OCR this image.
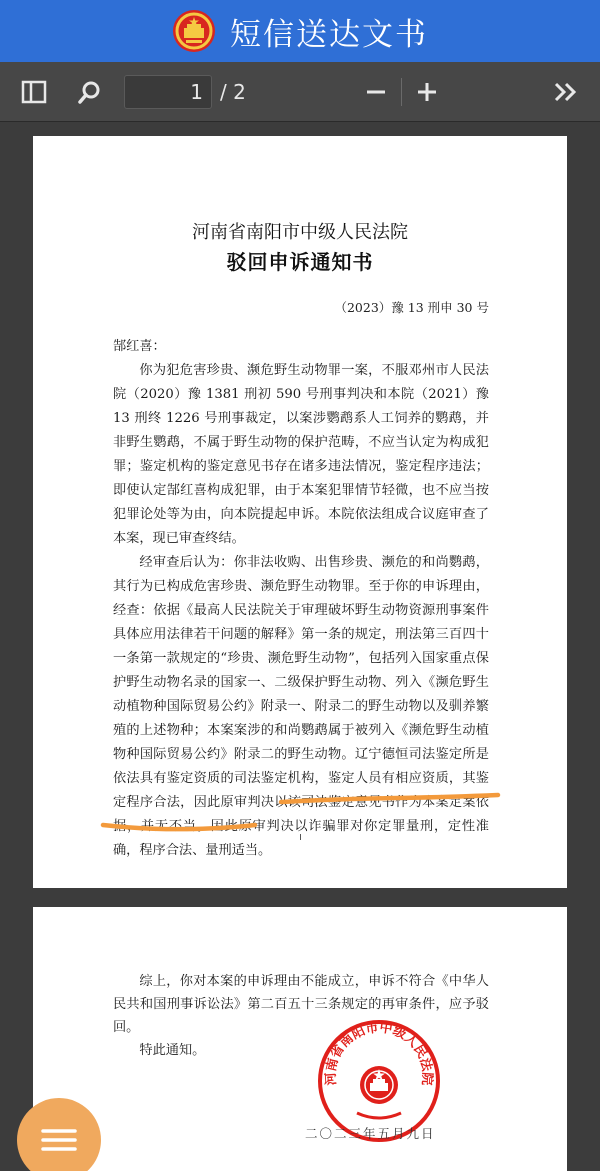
短信送达文书
1 / 2
河南省南阳市中级人民法院
驳回申诉通知书
（2023）豫 13 刑申 30 号

郜红喜：

你为犯危害珍贵、濒危野生动物罪一案，不服邓州市人民法院（2020）豫 1381 刑初 590 号刑事判决和本院（2021）豫 13 刑终 1226 号刑事裁定，以案涉鹦鹉系人工饲养的鹦鹉，并非野生鹦鹉，不属于野生动物的保护范畴，不应当认定为构成犯罪；鉴定机构的鉴定意见书存在诸多违法情况，鉴定程序违法；即使认定郜红喜构成犯罪，由于本案犯罪情节轻微，也不应当按犯罪论处等为由，向本院提起申诉。本院依法组成合议庭审查了本案，现已审查终结。

经审查后认为：你非法收购、出售珍贵、濒危的和尚鹦鹉，其行为已构成危害珍贵、濒危野生动物罪。至于你的申诉理由，经查：依据《最高人民法院关于审理破坏野生动物资源刑事案件具体应用法律若干问题的解释》第一条的规定，刑法第三百四十一条第一款规定的“珍贵、濒危野生动物”，包括列入国家重点保护野生动物名录的国家一、二级保护野生动物、列入《濒危野生动植物种国际贸易公约》附录一、附录二的野生动物以及驯养繁殖的上述物种；本案案涉的和尚鹦鹉属于被列入《濒危野生动植物种国际贸易公约》附录二的野生动物。辽宁德恒司法鉴定所是依法具有鉴定资质的司法鉴定机构，鉴定人员有相应资质，其鉴定程序合法，因此原审判决以该司法鉴定意见书作为本案定案依据，并无不当。因此原审判决以诈骗罪对你定罪量刑，定性准确，程序合法、量刑适当。

综上，你对本案的申诉理由不能成立，申诉不符合《中华人民共和国刑事诉讼法》第二百五十三条规定的再审条件，应予驳回。

特此通知。

河南省南阳市中级人民法院
二〇二三年五月九日
